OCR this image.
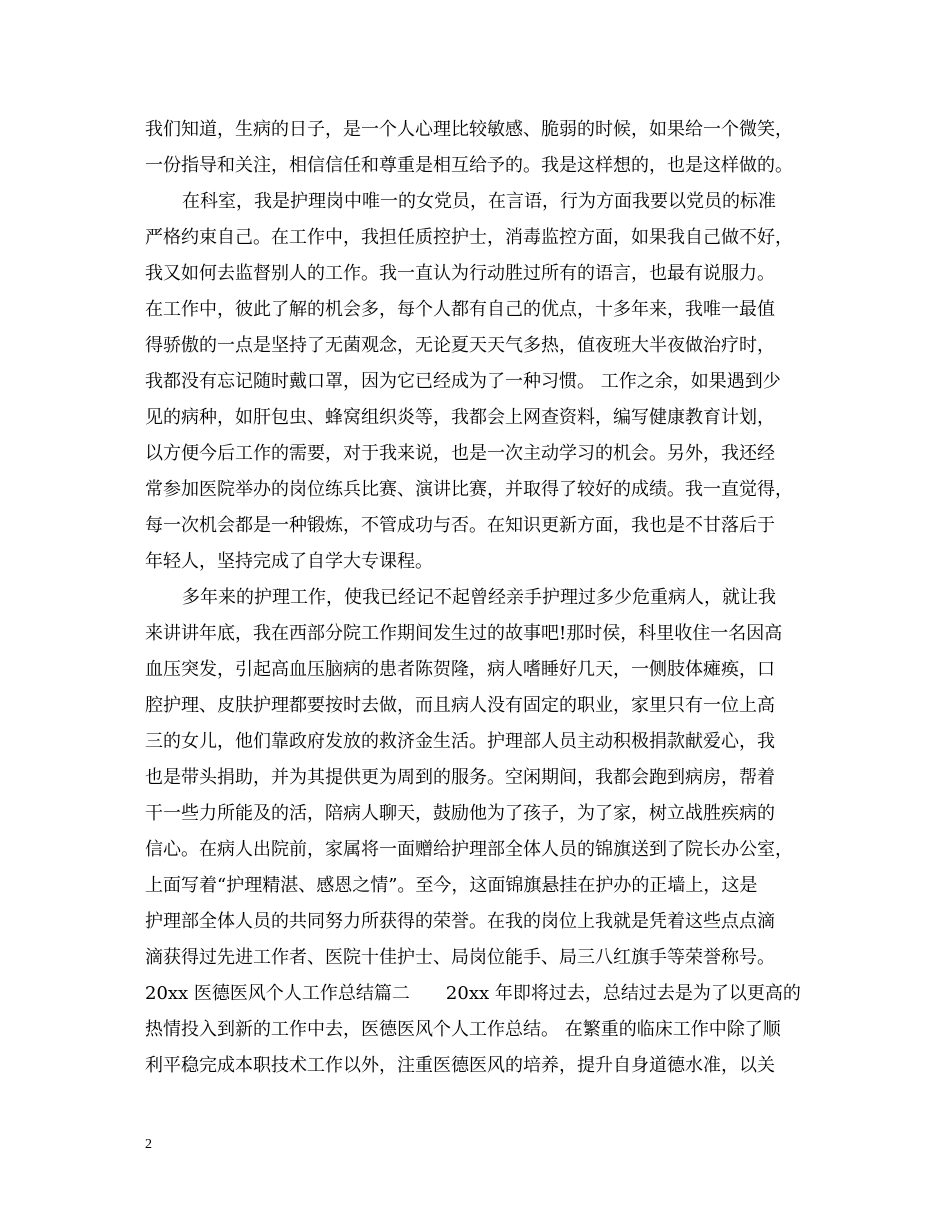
我们知道，生病的日子，是一个人心理比较敏感、脆弱的时候，如果给一个微笑，
一份指导和关注，相信信任和尊重是相互给予的。我是这样想的，也是这样做的。
在科室，我是护理岗中唯一的女党员，在言语，行为方面我要以党员的标准
严格约束自己。在工作中，我担任质控护士，消毒监控方面，如果我自己做不好，
我又如何去监督别人的工作。我一直认为行动胜过所有的语言，也最有说服力。
在工作中，彼此了解的机会多，每个人都有自己的优点，十多年来，我唯一最值
得骄傲的一点是坚持了无菌观念，无论夏天天气多热，值夜班大半夜做治疗时，
我都没有忘记随时戴口罩，因为它已经成为了一种习惯。 工作之余，如果遇到少
见的病种，如肝包虫、蜂窝组织炎等，我都会上网查资料，编写健康教育计划，
以方便今后工作的需要，对于我来说，也是一次主动学习的机会。另外，我还经
常参加医院举办的岗位练兵比赛、演讲比赛，并取得了较好的成绩。我一直觉得，
每一次机会都是一种锻炼，不管成功与否。在知识更新方面，我也是不甘落后于
年轻人，坚持完成了自学大专课程。
多年来的护理工作，使我已经记不起曾经亲手护理过多少危重病人，就让我
来讲讲年底，我在西部分院工作期间发生过的故事吧!那时侯，科里收住一名因高
血压突发，引起高血压脑病的患者陈贺隆，病人嗜睡好几天，一侧肢体瘫痪，口
腔护理、皮肤护理都要按时去做，而且病人没有固定的职业，家里只有一位上高
三的女儿，他们靠政府发放的救济金生活。护理部人员主动积极捐款献爱心，我
也是带头捐助，并为其提供更为周到的服务。空闲期间，我都会跑到病房，帮着
干一些力所能及的活，陪病人聊天，鼓励他为了孩子，为了家，树立战胜疾病的
信心。在病人出院前，家属将一面赠给护理部全体人员的锦旗送到了院长办公室，
上面写着“护理精湛、感恩之情”。至今，这面锦旗悬挂在护办的正墙上，这是
护理部全体人员的共同努力所获得的荣誉。在我的岗位上我就是凭着这些点点滴
滴获得过先进工作者、医院十佳护士、局岗位能手、局三八红旗手等荣誉称号。
20xx 医德医风个人工作总结篇二　　20xx 年即将过去，总结过去是为了以更高的
热情投入到新的工作中去，医德医风个人工作总结。 在繁重的临床工作中除了顺
利平稳完成本职技术工作以外，注重医德医风的培养，提升自身道德水准，以关
2
